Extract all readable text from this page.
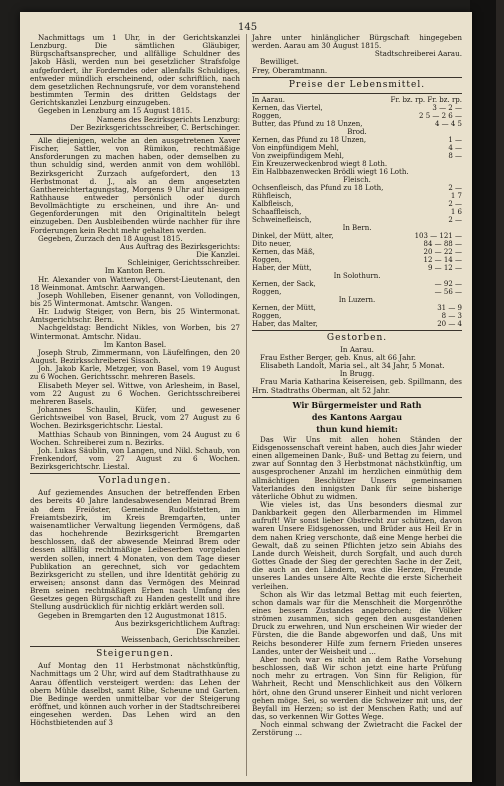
145

Nachmittags um 1 Uhr, in der Gerichtskanzlei Lenzburg. Die sämtlichen Gläubiger, Bürgschaftsansprecher, und allfällige Schuldner des Jakob Häsli, werden nun bei gesetzlicher Strafsfolge aufgefordert, ihr Forderndes oder allenfalls Schuldiges, entweder mündlich erscheinend, oder schriftlich, nach dem gesetzlichen Rechnungsrufe, vor dem voranstehend bestimmten Termin des dritten Geldstags der Gerichtskanzlei Lenzburg einzugeben.

Gegeben in Lenzburg am 15 August 1815.

Namens des Bezirksgerichts Lenzburg:

Der Bezirksgerichtsschreiber, C. Bertschinger.

Alle diejenigen, welche an den ausgetretenen Xaver Fischer, Sattler, von Rümikon, rechtmäßige Ansforderungen zu machen haben, oder demselben zu thun schuldig sind, werden anmit von dem wohllöbl. Bezirksgericht Zurzach aufgefordert, den 13 Herbstmonat d. J., als an dem angesetzten Ganthereichtertagungstag, Morgens 9 Uhr auf hiesigem Rathhause entweder persönlich oder durch Bevollmächtigte zu erscheinen, und ihre An- und Gegenforderungen mit den Originaltiteln belegt einzugeben. Den Ausbleibenden würde nachher für ihre Forderungen kein Recht mehr gehalten werden.

Gegeben, Zurzach den 18 August 1815.

Aus Auftrag des Bezirksgerichts:

Die Kanzlei.

Schleiniger, Gerichtsschreiber.

Im Kanton Bern.

Hr. Alexander von Wattenwyl, Oberst-Lieutenant, den 18 Weinmonat. Amtschr. Aarwangen.

Joseph Wohlleben, Eisener genannt, von Vollodingen, bis 25 Wintermonat. Amtschr. Wangen.

Hr. Ludwig Steiger, von Bern, bis 25 Wintermonat. Amtsgerichtschr. Bern.

Nachgeldstag: Bendicht Nikles, von Worben, bis 27 Wintermonat. Amtschr. Nidau.

Im Kanton Basel.

Joseph Strub, Zimmermann, von Läufelfingen, den 20 August. Bezirksschreiberei Sissach.

Joh. Jakob Karle, Metzger, von Basel, vom 19 August zu 6 Wochen. Gerichtsschr. mehreren Basels.

Elisabeth Meyer sel. Wittwe, von Arlesheim, in Basel, vom 22 August zu 6 Wochen. Gerichtsschreiberei mehreren Basels.

Johannes Schaulin, Küfer, und gewesener Gerichtsweibel von Basel, Bruck, vom 27 August zu 6 Wochen. Bezirksgerichtschr. Liestal.

Matthias Schaub von Binningen, vom 24 August zu 6 Wochen. Schreiberei zum n. Bezirks.

Joh. Lukas Säublin, von Langen, und Nikl. Schaub, von Frenkendorf, vom 27 August zu 6 Wochen. Bezirksgerichtschr. Liestal.

Vorladungen.

Auf geziemendes Ansuchen der betreffenden Erben des bereits 40 Jahre landesabwesenden Meinrad Brem ab dem Freiöster, Gemeinde Rudolfstetten, im Freiamtsbezirk, im Kreis Bremgarten, unter waisenamtlicher Verwaltung liegenden Vermögens, daß das hochehrende Bezirksgericht Bremgarten beschlossen, daß der abwesende Meinrad Brem oder dessen allfällig rechtmäßige Leibeserben vorgeladen werden sollen, innert 4 Monaten, von dem Tage dieser Publikation an gerechnet, sich vor gedachtem Bezirksgericht zu stellen, und ihre Identität gehörig zu erweisen; ansonst dann das Vermögen des Meinrad Brem seinen rechtmäßigen Erben nach Umfang des Gesetzes gegen Bürgschaft zu Handen gestellt und ihre Stellung ausdrücklich für nichtig erklärt werden soll.

Gegeben in Bremgarten den 12 Augustmonat 1815.

Aus bezirksgerichtlichem Auftrag:

Die Kanzlei.

Weissenbach, Gerichtsschreiber.

Steigerungen.

Auf Montag den 11 Herbstmonat nächstkünftig, Nachmittags um 2 Uhr, wird auf dem Stadtrathhause zu Aarau öffentlich versteigert werden: das Lehen der obern Mühle daselbst, samt Ribe, Scheune und Garten. Die Bedinge werden unmittelbar vor der Steigerung eröffnet, und können auch vorher in der Stadtschreiberei eingesehen werden. Das Lehen wird an den Höchstbietenden auf 3

Jahre unter hinlänglicher Bürgschaft hingegeben werden. Aarau am 30 August 1815.

Stadtschreiberei Aarau.

Bewilliget.

Frey, Oberamtmann.

Preise der Lebensmittel.
In Aarau.	Fr. bz. rp. Fr. bz. rp.
Kernen, das Viertel,	3 — 2 —
Roggen,	2 5 — 2 6 —
Butter, das Pfund zu 18 Unzen,	4 — 4 5

Brod.

Kernen, das Pfund zu 18 Unzen,	1 —
Von einpfündigem Mehl,	4 —
Von zweipfündigem Mehl,	8 —
Ein Kreuzerweckenbrod wiegt 8 Loth.
Ein Halbbazenwecken Brödli wiegt 16 Loth.

Fleisch.

Ochsenfleisch, das Pfund zu 18 Loth,	2 —
Rühfleisch,	1 7
Kalbfleisch,	2 —
Schaaffleisch,	1 6
Schweinefleisch,	2 —

In Bern.

Dinkel, der Mütt, alter,	103 — 121 —
Dito neuer,	84 — 88 —
Kernen, das Mäß,	20 — 22 —
Roggen,	12 — 14 —
Haber, der Mütt,	9 — 12 —

In Solothurn.

Kernen, der Sack,	— 92 —
Roggen,	— 56 —

In Luzern.

Kernen, der Mütt,	31 — 9
Roggen,	8 — 3
Haber, das Malter,	20 — 4
Gestorben.

In Aarau.

Frau Esther Berger, geb. Knus, alt 66 Jahr.

Elisabeth Landolt, Maria sel., alt 34 Jahr, 5 Monat.

In Brugg.

Frau Maria Katharina Keisereisen, geb. Spillmann, des Hrn. Stadtraths Oberman, alt 52 Jahr.

Wir Bürgermeister und Rath
des Kantons Aargau
thun kund hiemit:

Das Wir Uns mit allen hohen Ständen der Eidsgenossenschaft vereint haben, auch dies Jahr wieder einen allgemeinen Dank-, Buß- und Bettag zu feiern, und zwar auf Sonntag den 3 Herbstmonat nächstkünftig, um ausgesprochener Anzahl im herzlichen einmüthig dem allmächtigen Beschützer Unsers gemeinsamen Vaterlandes den innigsten Dank für seine bisherige väterliche Obhut zu widmen.

Wie vieles ist, das Uns besonders diesmal zur Dankbarkeit gegen den Allerbarmenden im Himmel aufruft! Wir sonst lieber Obstrecht zur schützen, davon waren Unsere Eidsgenossen, und Brüder aus Heil Er in dem nahen Krieg verschonte, daß eine Menge herbei die Gewalt, daß zu seinen Pflichten jetzo sein Abiahs des Lande durch Weisheit, durch Sorgfalt, und auch durch Gottes Gnade der Sieg der gerechten Sache in der Zeit, die auch an den Ländern, was die Herzen, Freunde unseres Landes unsere Alte Rechte die erste Sicherheit verleihen.

Schon als Wir das letzmal Bettag mit euch feierten, schon damals war für die Menschheit die Morgenröthe eines bessern Zustandes angebrochen; die Völker strömen zusammen, sich gegen den ausgestandenen Druck zu erwehren, und Nun erscheinen Wir wieder der Fürsten, die die Bande abgeworfen und daß, Uns mit Reichs besonderer Hilfe zum fernern Frieden unseres Landes, unter der Weisheit und ...

Aber noch war es nicht an dem Rathe Vorsehung beschlossen, daß Wir schon jetzt eine harte Prüfung noch mehr zu ertragen. Von Sinn für Religion, für Wahrheit, Recht und Menschlichkeit aus den Völkern hört, ohne den Grund unserer Einheit und nicht verloren gehen möge. Sei, so werden die Schweizer mit uns, der Beyfall im Herzen; so ist der Menschen Rath; und auf das, so verkennen Wir Gottes Wege.

Noch einmal schwang der Zwietracht die Fackel der Zerstörung ...
